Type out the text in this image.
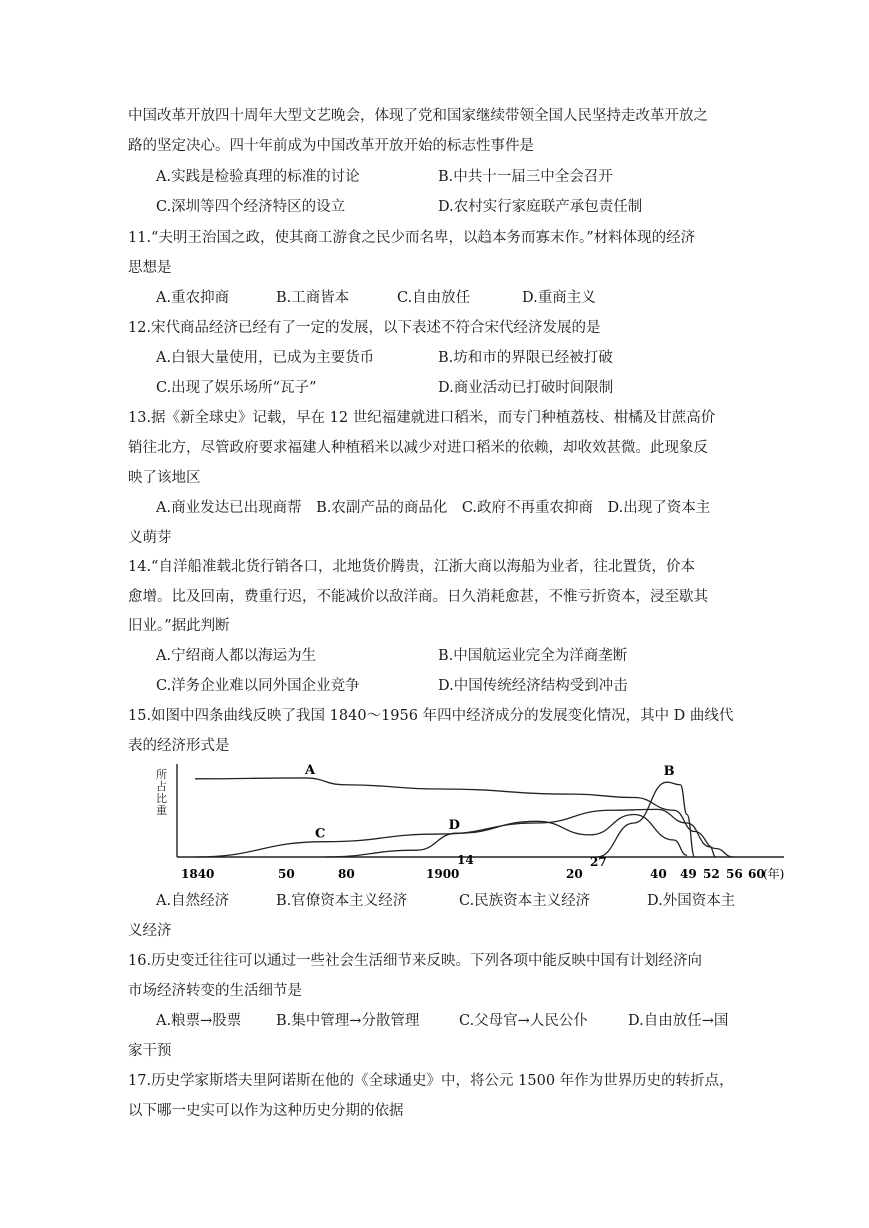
中国改革开放四十周年大型文艺晚会，体现了党和国家继续带领全国人民坚持走改革开放之
路的坚定决心。四十年前成为中国改革开放开始的标志性事件是
A.实践是检验真理的标准的讨论	B.中共十一届三中全会召开
C.深圳等四个经济特区的设立	D.农村实行家庭联产承包责任制
11.“夫明王治国之政，使其商工游食之民少而名卑，以趋本务而寡末作。”材料体现的经济
思想是
A.重农抑商	B.工商皆本	C.自由放任	D.重商主义
12.宋代商品经济已经有了一定的发展，以下表述不符合宋代经济发展的是
A.白银大量使用，已成为主要货币	B.坊和市的界限已经被打破
C.出现了娱乐场所“瓦子”	D.商业活动已打破时间限制
13.据《新全球史》记载，早在 12 世纪福建就进口稻米，而专门种植荔枝、柑橘及甘蔗高价
销往北方，尽管政府要求福建人种植稻米以减少对进口稻米的依赖，却收效甚微。此现象反
映了该地区
A.商业发达已出现商帮　B.农副产品的商品化　C.政府不再重农抑商　D.出现了资本主
义萌芽
14.“自洋船准载北货行销各口，北地货价腾贵，江浙大商以海船为业者，往北置货，价本
愈增。比及回南，费重行迟，不能减价以敌洋商。日久消耗愈甚，不惟亏折资本，浸至歇其
旧业。”据此判断
A.宁绍商人都以海运为生	B.中国航运业完全为洋商垄断
C.洋务企业难以同外国企业竞争	D.中国传统经济结构受到冲击
15.如图中四条曲线反映了我国 1840～1956 年四中经济成分的发展变化情况，其中 D 曲线代
表的经济形式是
所占比重
A	B
C
D
1840	50	80	1900
14
20
27
40 49 52 56 60
(年)
A.自然经济	B.官僚资本主义经济	C.民族资本主义经济	D.外国资本主
义经济
16.历史变迁往往可以通过一些社会生活细节来反映。下列各项中能反映中国有计划经济向
市场经济转变的生活细节是
A.粮票→股票 B.集中管理→分散管理	C.父母官→人民公仆	D.自由放任→国
家干预
17.历史学家斯塔夫里阿诺斯在他的《全球通史》中，将公元 1500 年作为世界历史的转折点，
以下哪一史实可以作为这种历史分期的依据
